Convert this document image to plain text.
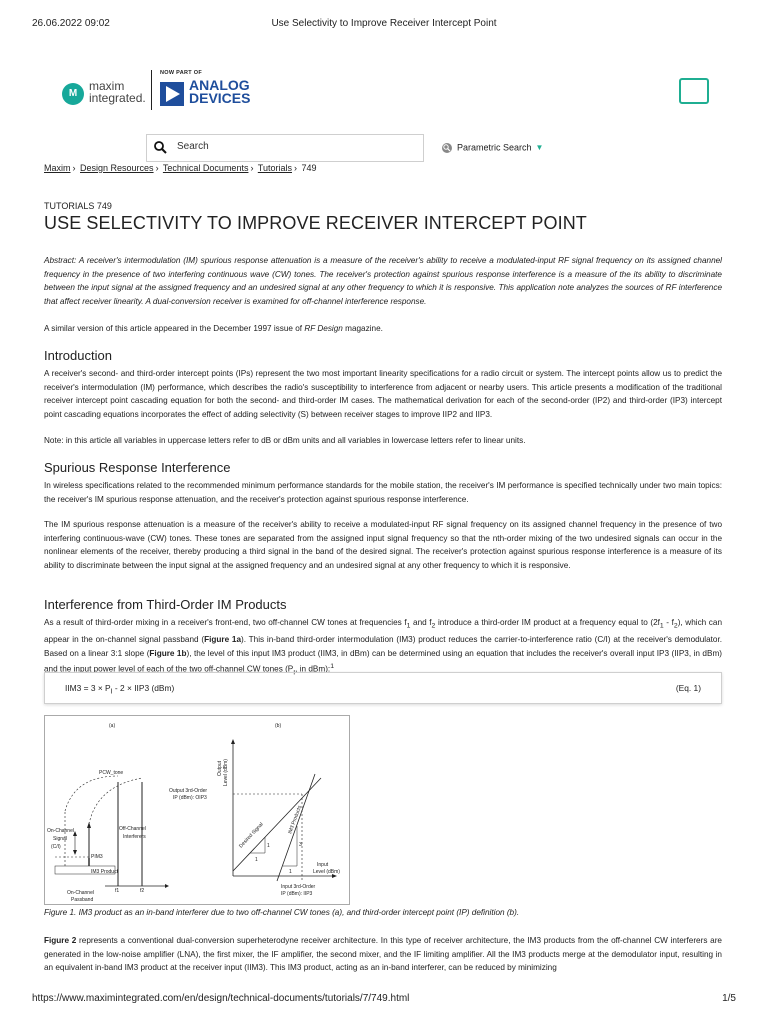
26.06.2022 09:02	Use Selectivity to Improve Receiver Intercept Point
M
maxim
integrated.
NOW PART OF
ANALOG
DEVICES
Search	Parametric Search ▼
Maxim › Design Resources › Technical Documents › Tutorials › 749
TUTORIALS 749
USE SELECTIVITY TO IMPROVE RECEIVER INTERCEPT POINT
Abstract: A receiver's intermodulation (IM) spurious response attenuation is a measure of the receiver's ability to receive a modulated-input RF signal frequency on its assigned channel frequency in the presence of two interfering continuous wave (CW) tones. The receiver's protection against spurious response interference is a measure of the its ability to discriminate between the input signal at the assigned frequency and an undesired signal at any other frequency to which it is responsive. This application note analyzes the sources of RF interference that affect receiver linearity. A dual-conversion receiver is examined for off-channel interference response.
A similar version of this article appeared in the December 1997 issue of RF Design magazine.
Introduction
A receiver's second- and third-order intercept points (IPs) represent the two most important linearity specifications for a radio circuit or system. The intercept points allow us to predict the receiver's intermodulation (IM) performance, which describes the radio's susceptibility to interference from adjacent or nearby users. This article presents a modification of the traditional receiver intercept point cascading equation for both the second- and third-order IM cases. The mathematical derivation for each of the second-order (IP2) and third-order (IP3) intercept point cascading equations incorporates the effect of adding selectivity (S) between receiver stages to improve IIP2 and IIP3.
Note: in this article all variables in uppercase letters refer to dB or dBm units and all variables in lowercase letters refer to linear units.
Spurious Response Interference
In wireless specifications related to the recommended minimum performance standards for the mobile station, the receiver's IM performance is specified technically under two main topics: the receiver's IM spurious response attenuation, and the receiver's protection against spurious response interference.
The IM spurious response attenuation is a measure of the receiver's ability to receive a modulated-input RF signal frequency on its assigned channel frequency in the presence of two interfering continuous-wave (CW) tones. These tones are separated from the assigned input signal frequency so that the nth-order mixing of the two undesired signals can occur in the nonlinear elements of the receiver, thereby producing a third signal in the band of the desired signal. The receiver's protection against spurious response interference is a measure of its ability to discriminate between the input signal at the assigned frequency and an undesired signal at any other frequency to which it is responsive.
Interference from Third-Order IM Products
As a result of third-order mixing in a receiver's front-end, two off-channel CW tones at frequencies $f_1$ and $f_2$ introduce a third-order IM product at a frequency equal to $(2f_1 - f_2)$, which can appear in the on-channel signal passband (Figure 1a). This in-band third-order intermodulation (IM3) product reduces the carrier-to-interference ratio (C/I) at the receiver's demodulator. Based on a linear 3:1 slope (Figure 1b), the level of this input IM3 product (IIM3, in dBm) can be determined using an equation that includes the receiver's overall input IP3 (IIP3, in dBm) and the input power level of each of the two off-channel CW tones ($P_I$, in dBm):$^1$
$IIM3 = 3 \times P_I - 2 \times IIP3$ (dBm)	(Eq. 1)
(a)
PCW_tone
On-Channel
Signal
(C/I)
PIM3
Off-Channel
Interferers
IM3 Product
f1	f2
On-Channel
Passband
(b)
Output Level (dBm)
Output 3rd-Order
IP (dBm): OIP3
Desired Signal
IM3 Products
1
1
3
1
Input
Level (dBm)
Input 3rd-Order
IP (dBm): IIP3
Figure 1. IM3 product as an in-band interferer due to two off-channel CW tones (a), and third-order intercept point (IP) definition (b).
Figure 2 represents a conventional dual-conversion superheterodyne receiver architecture. In this type of receiver architecture, the IM3 products from the off-channel CW interferers are generated in the low-noise amplifier (LNA), the first mixer, the IF amplifier, the second mixer, and the IF limiting amplifier. All the IM3 products merge at the demodulator input, resulting in an equivalent in-band IM3 product at the receiver input (IIM3). This IM3 product, acting as an in-band interferer, can be reduced by minimizing
https://www.maximintegrated.com/en/design/technical-documents/tutorials/7/749.html	1/5
